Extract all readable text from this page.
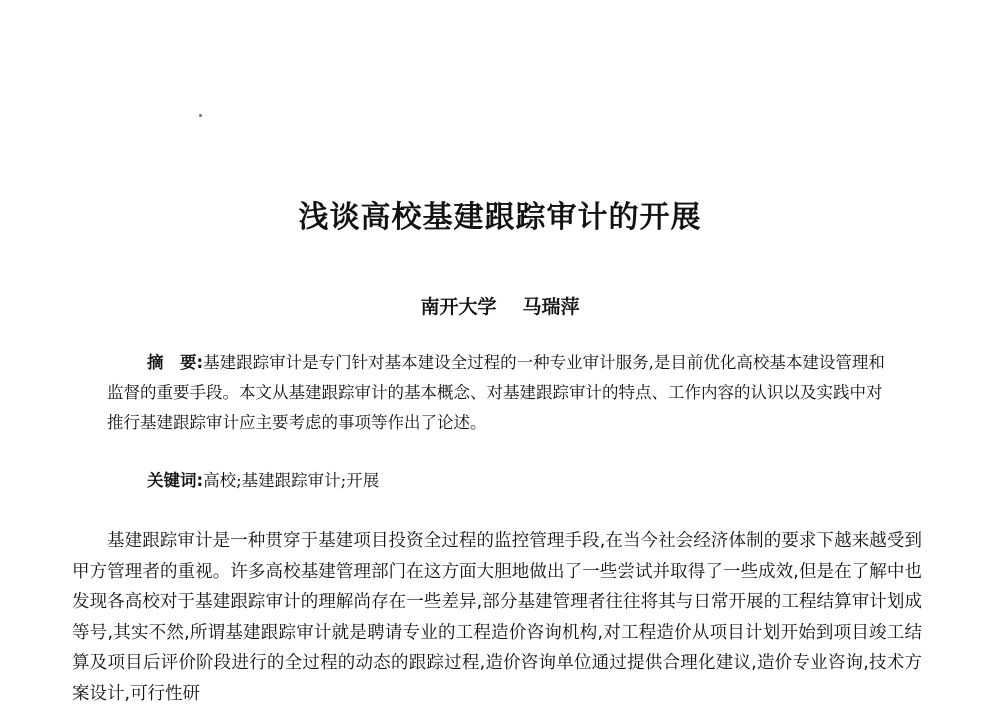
浅谈高校基建跟踪审计的开展
南开大学 马瑞萍
摘　要:基建跟踪审计是专门针对基本建设全过程的一种专业审计服务,是目前优化高校基本建设管理和监督的重要手段。本文从基建跟踪审计的基本概念、对基建跟踪审计的特点、工作内容的认识以及实践中对推行基建跟踪审计应主要考虑的事项等作出了论述。
关键词:高校;基建跟踪审计;开展

基建跟踪审计是一种贯穿于基建项目投资全过程的监控管理手段,在当今社会经济体制的要求下越来越受到甲方管理者的重视。许多高校基建管理部门在这方面大胆地做出了一些尝试并取得了一些成效,但是在了解中也发现各高校对于基建跟踪审计的理解尚存在一些差异,部分基建管理者往往将其与日常开展的工程结算审计划成等号,其实不然,所谓基建跟踪审计就是聘请专业的工程造价咨询机构,对工程造价从项目计划开始到项目竣工结算及项目后评价阶段进行的全过程的动态的跟踪过程,造价咨询单位通过提供合理化建议,造价专业咨询,技术方案设计,可行性研
